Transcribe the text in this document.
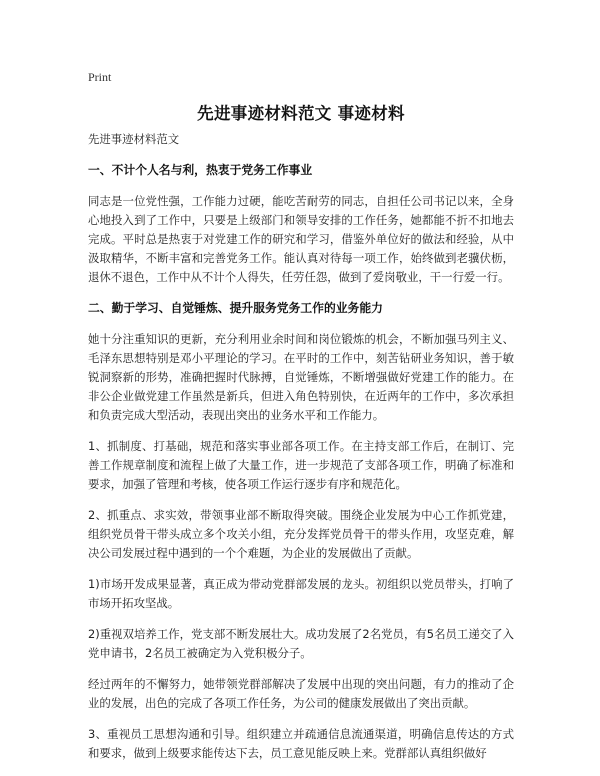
Print
先进事迹材料范文 事迹材料

先进事迹材料范文

一、不计个人名与利，热衷于党务工作事业

同志是一位党性强，工作能力过硬，能吃苦耐劳的同志，自担任公司书记以来，全身心地投入到了工作中，只要是上级部门和领导安排的工作任务，她都能不折不扣地去完成。平时总是热衷于对党建工作的研究和学习，借鉴外单位好的做法和经验，从中汲取精华，不断丰富和完善党务工作。能认真对待每一项工作，始终做到老骥伏枥，退休不退色，工作中从不计个人得失，任劳任怨，做到了爱岗敬业，干一行爱一行。

二、勤于学习、自觉锤炼、提升服务党务工作的业务能力

她十分注重知识的更新，充分利用业余时间和岗位锻炼的机会，不断加强马列主义、毛泽东思想特别是邓小平理论的学习。在平时的工作中，刻苦钻研业务知识，善于敏锐洞察新的形势，准确把握时代脉搏，自觉锤炼，不断增强做好党建工作的能力。在非公企业做党建工作虽然是新兵，但进入角色特别快，在近两年的工作中，多次承担和负责完成大型活动，表现出突出的业务水平和工作能力。

1、抓制度、打基础，规范和落实事业部各项工作。在主持支部工作后，在制订、完善工作规章制度和流程上做了大量工作，进一步规范了支部各项工作，明确了标准和要求，加强了管理和考核，使各项工作运行逐步有序和规范化。

2、抓重点、求实效，带领事业部不断取得突破。围绕企业发展为中心工作抓党建，组织党员骨干带头成立多个攻关小组，充分发挥党员骨干的带头作用，攻坚克难，解决公司发展过程中遇到的一个个难题，为企业的发展做出了贡献。

1)市场开发成果显著，真正成为带动党群部发展的龙头。初组织以党员带头，打响了市场开拓攻坚战。

2)重视双培养工作，党支部不断发展壮大。成功发展了2名党员，有5名员工递交了入党申请书，2名员工被确定为入党积极分子。

经过两年的不懈努力，她带领党群部解决了发展中出现的突出问题，有力的推动了企业的发展，出色的完成了各项工作任务，为公司的健康发展做出了突出贡献。

3、重视员工思想沟通和引导。组织建立并疏通信息流通渠道，明确信息传达的方式和要求，做到上级要求能传达下去，员工意见能反映上来。党群部认真组织做好
